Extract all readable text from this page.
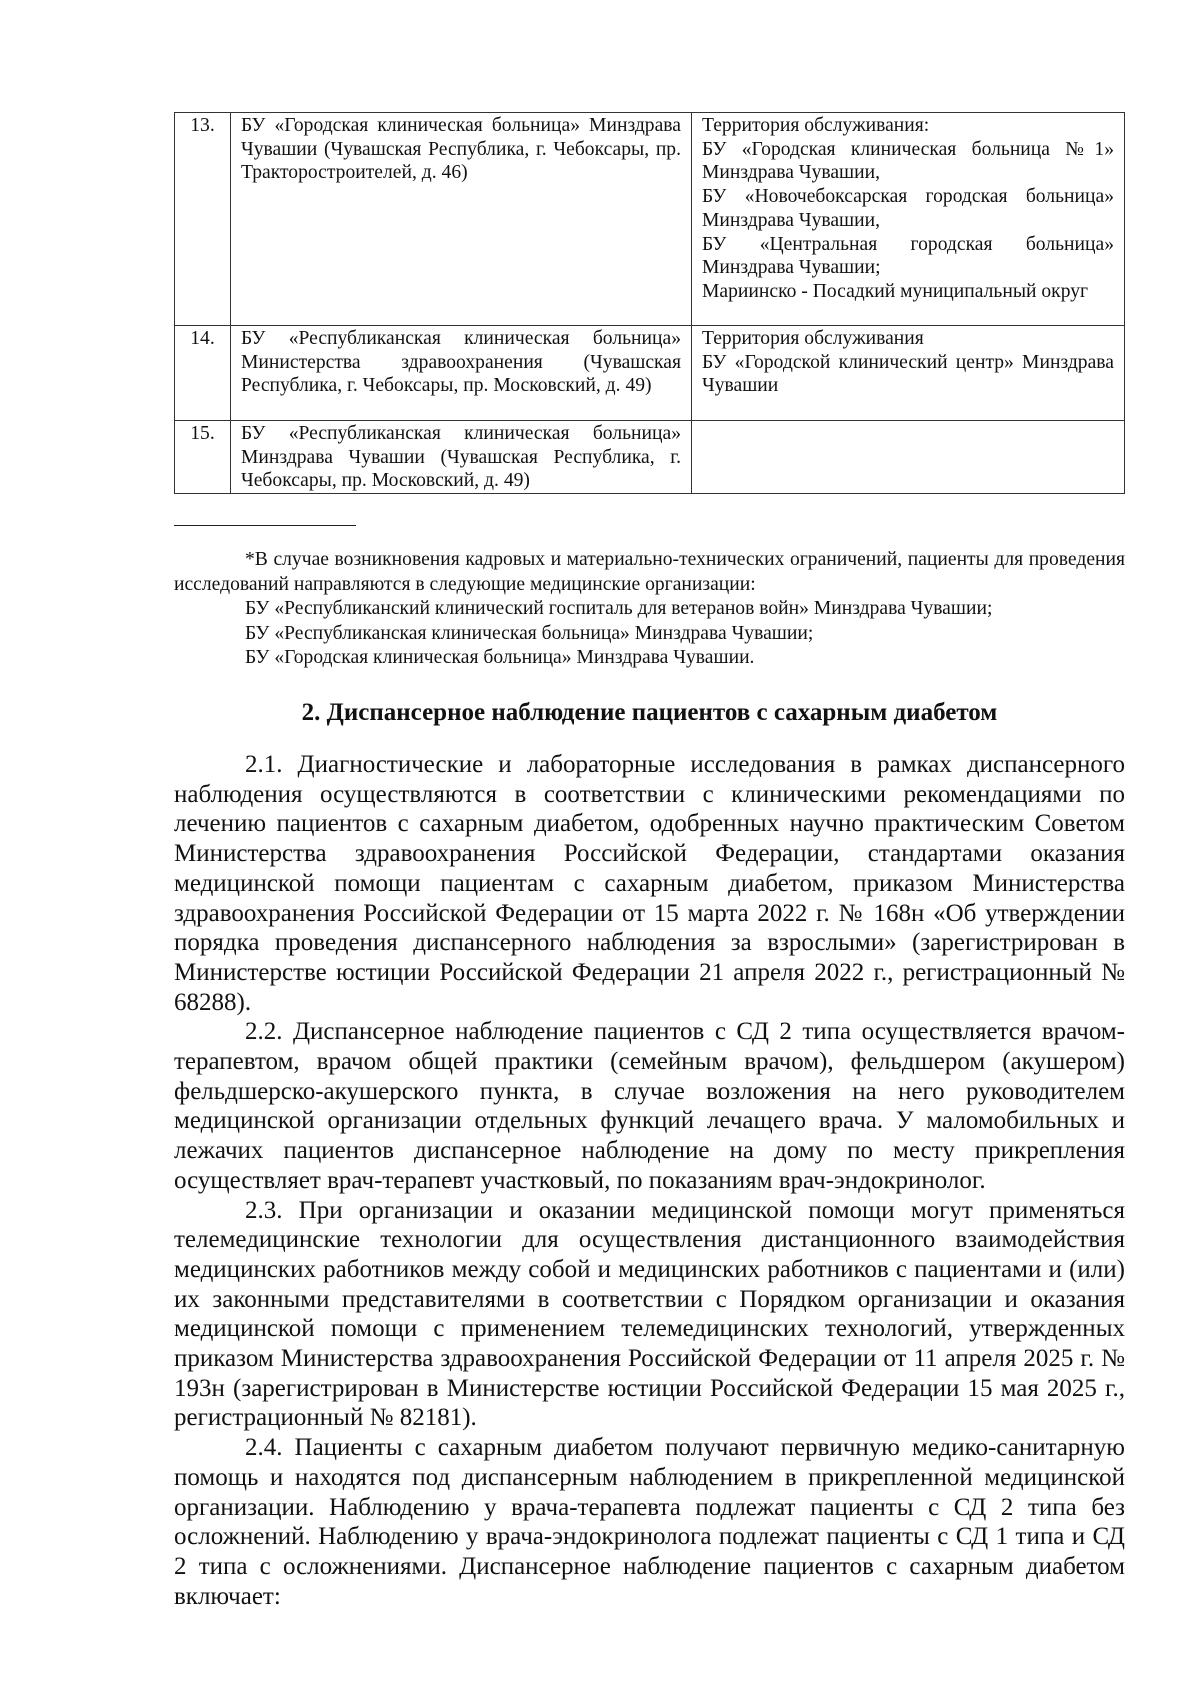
13.	БУ «Городская клиническая больница» Минздрава Чувашии (Чувашская Республика, г. Чебоксары, пр. Тракторостроителей, д. 46)	Территория обслуживания:
БУ «Городская клиническая больница №1» Минздрава Чувашии,
БУ «Новочебоксарская городская больница» Минздрава Чувашии,
БУ «Центральная городская больница» Минздрава Чувашии;
Мариинско - Посадкий муниципальный округ

14.	БУ «Республиканская клиническая больница» Министерства здравоохранения (Чувашская Республика, г. Чебоксары, пр. Московский, д. 49)	Территория обслуживания
БУ «Городской клинический центр» Минздрава Чувашии

15.	БУ «Республиканская клиническая больница» Минздрава Чувашии (Чувашская Республика, г. Чебоксары, пр. Московский, д. 49)	

*В случае возникновения кадровых и материально-технических ограничений, пациенты для проведения исследований направляются в следующие медицинские организации:

БУ «Республиканский клинический госпиталь для ветеранов войн» Минздрава Чувашии;

БУ «Республиканская клиническая больница» Минздрава Чувашии;

БУ «Городская клиническая больница» Минздрава Чувашии.

2. Диспансерное наблюдение пациентов с сахарным диабетом

2.1. Диагностические и лабораторные исследования в рамках диспансерного наблюдения осуществляются в соответствии с клиническими рекомендациями по лечению пациентов с сахарным диабетом, одобренных научно практическим Советом Министерства здравоохранения Российской Федерации, стандартами оказания медицинской помощи пациентам с сахарным диабетом, приказом Министерства здравоохранения Российской Федерации от 15 марта 2022 г. № 168н «Об утверждении порядка проведения диспансерного наблюдения за взрослыми» (зарегистрирован в Министерстве юстиции Российской Федерации 21 апреля 2022 г., регистрационный № 68288).

2.2. Диспансерное наблюдение пациентов с СД 2 типа осуществляется врачом-терапевтом, врачом общей практики (семейным врачом), фельдшером (акушером) фельдшерско-акушерского пункта, в случае возложения на него руководителем медицинской организации отдельных функций лечащего врача. У маломобильных и лежачих пациентов диспансерное наблюдение на дому по месту прикрепления осуществляет врач-терапевт участковый, по показаниям врач-эндокринолог.

2.3. При организации и оказании медицинской помощи могут применяться телемедицинские технологии для осуществления дистанционного взаимодействия медицинских работников между собой и медицинских работников с пациентами и (или) их законными представителями в соответствии с Порядком организации и оказания медицинской помощи с применением телемедицинских технологий, утвержденных приказом Министерства здравоохранения Российской Федерации от 11 апреля 2025 г. № 193н (зарегистрирован в Министерстве юстиции Российской Федерации 15 мая 2025 г., регистрационный № 82181).

2.4. Пациенты с сахарным диабетом получают первичную медико-санитарную помощь и находятся под диспансерным наблюдением в прикрепленной медицинской организации. Наблюдению у врача-терапевта подлежат пациенты с СД 2 типа без осложнений. Наблюдению у врача-эндокринолога подлежат пациенты с СД 1 типа и СД 2 типа с осложнениями. Диспансерное наблюдение пациентов с сахарным диабетом включает:
